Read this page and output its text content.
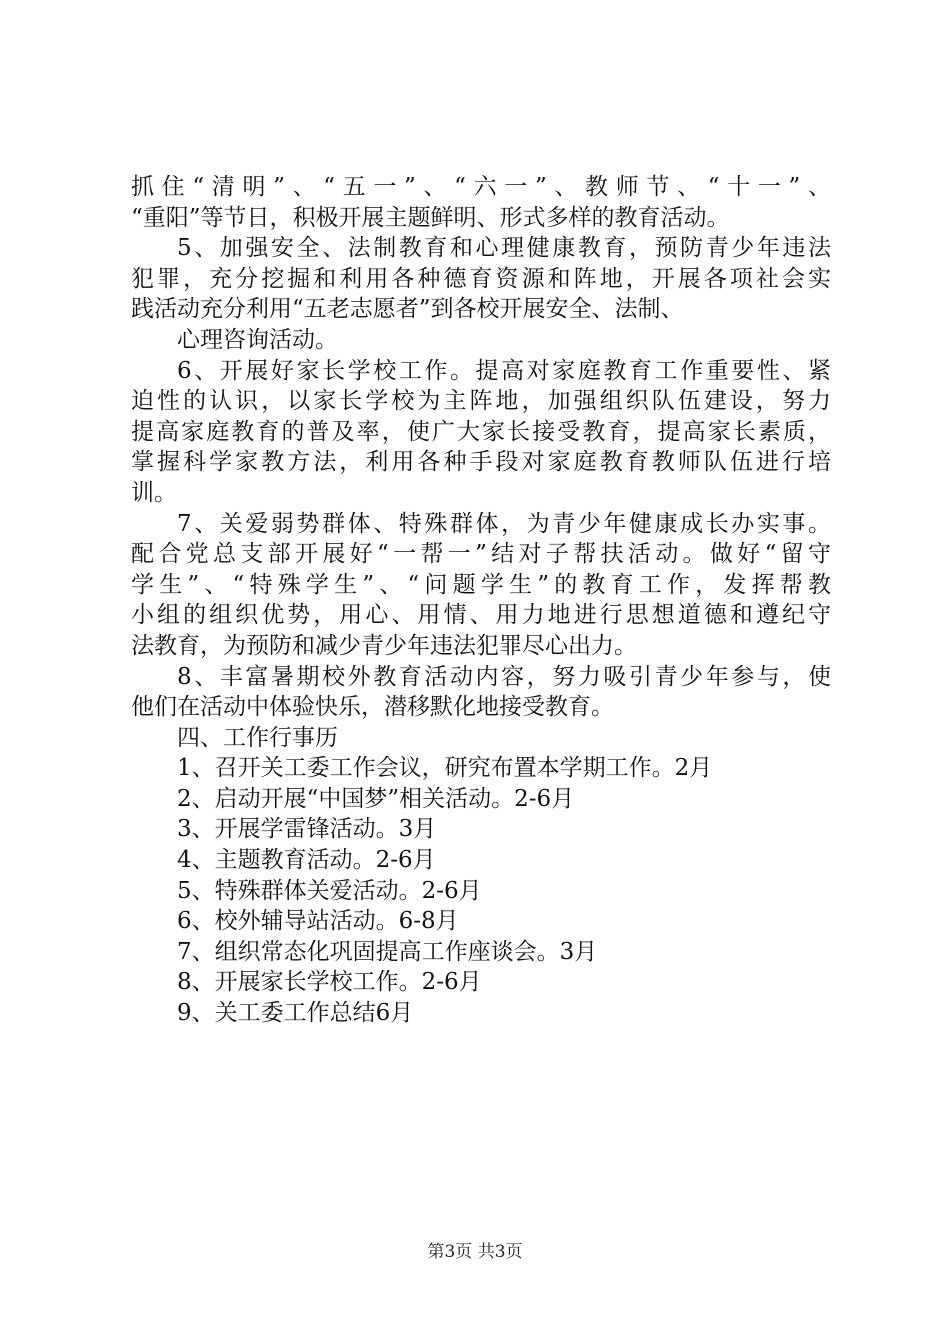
抓住“清明”、“五一”、“六一”、教师节、“十一”、
“重阳”等节日，积极开展主题鲜明、形式多样的教育活动。
5、加强安全、法制教育和心理健康教育，预防青少年违法
犯罪，充分挖掘和利用各种德育资源和阵地，开展各项社会实
践活动充分利用“五老志愿者”到各校开展安全、法制、
心理咨询活动。
6、开展好家长学校工作。提高对家庭教育工作重要性、紧
迫性的认识，以家长学校为主阵地，加强组织队伍建设，努力
提高家庭教育的普及率，使广大家长接受教育，提高家长素质，
掌握科学家教方法，利用各种手段对家庭教育教师队伍进行培
训。
7、关爱弱势群体、特殊群体，为青少年健康成长办实事。
配合党总支部开展好“一帮一”结对子帮扶活动。做好“留守
学生”、“特殊学生”、“问题学生”的教育工作，发挥帮教
小组的组织优势，用心、用情、用力地进行思想道德和遵纪守
法教育，为预防和减少青少年违法犯罪尽心出力。
8、丰富暑期校外教育活动内容，努力吸引青少年参与，使
他们在活动中体验快乐，潜移默化地接受教育。
四、工作行事历
1、召开关工委工作会议，研究布置本学期工作。2月
2、启动开展“中国梦”相关活动。2-6月
3、开展学雷锋活动。3月
4、主题教育活动。2-6月
5、特殊群体关爱活动。2-6月
6、校外辅导站活动。6-8月
7、组织常态化巩固提高工作座谈会。3月
8、开展家长学校工作。2-6月
9、关工委工作总结6月
第3页 共3页
